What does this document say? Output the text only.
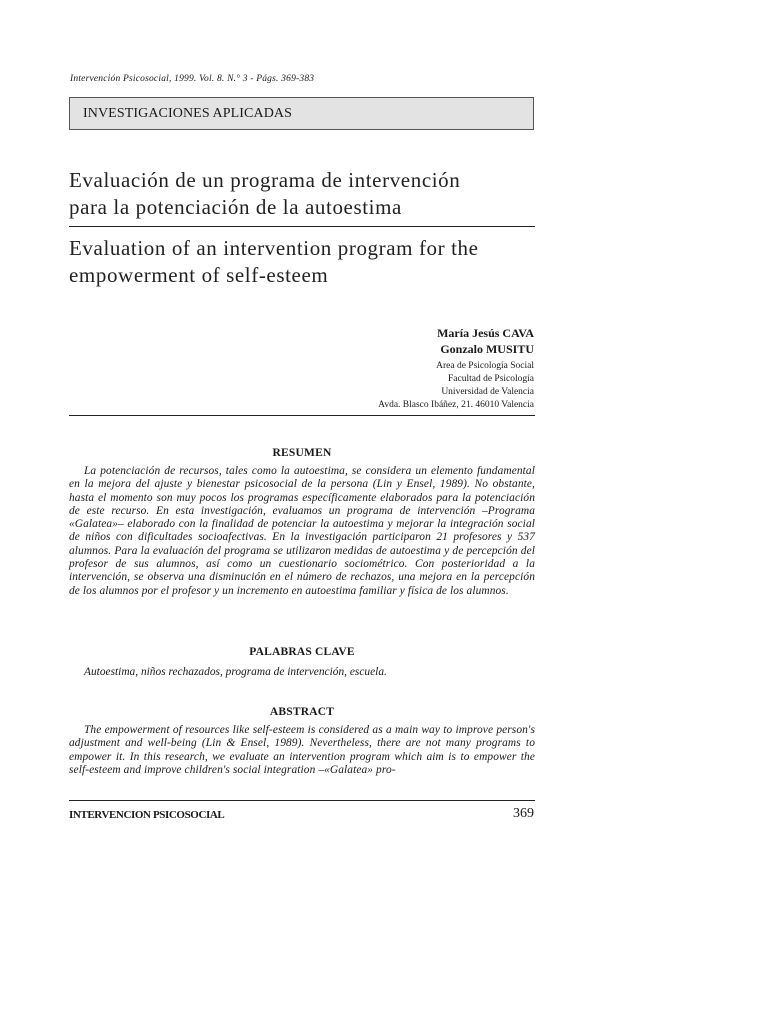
Intervención Psicosocial, 1999. Vol. 8. N.° 3 - Págs. 369-383
INVESTIGACIONES APLICADAS
Evaluación de un programa de intervención
para la potenciación de la autoestima
Evaluation of an intervention program for the
empowerment of self-esteem
María Jesús CAVA
Gonzalo MUSITU
Area de Psicología Social
Facultad de Psicología
Universidad de Valencia
Avda. Blasco Ibáñez, 21. 46010 Valencia
RESUMEN
La potenciación de recursos, tales como la autoestima, se considera un elemento fundamental en la mejora del ajuste y bienestar psicosocial de la persona (Lin y Ensel, 1989). No obstante, hasta el momento son muy pocos los programas específicamente elaborados para la potenciación de este recurso. En esta investigación, evaluamos un programa de intervención –Programa «Galatea»– elaborado con la finalidad de potenciar la autoestima y mejorar la integración social de niños con dificultades socioafectivas. En la investigación participaron 21 profesores y 537 alumnos. Para la evaluación del programa se utilizaron medidas de autoestima y de percepción del profesor de sus alumnos, así como un cuestionario sociométrico. Con posterioridad a la intervención, se observa una disminución en el número de rechazos, una mejora en la percepción de los alumnos por el profesor y un incremento en autoestima familiar y física de los alumnos.
PALABRAS CLAVE
Autoestima, niños rechazados, programa de intervención, escuela.
ABSTRACT
The empowerment of resources like self-esteem is considered as a main way to improve person's adjustment and well-being (Lin & Ensel, 1989). Nevertheless, there are not many programs to empower it. In this research, we evaluate an intervention program which aim is to empower the self-esteem and improve children's social integration –«Galatea» pro-
INTERVENCION PSICOSOCIAL	369
